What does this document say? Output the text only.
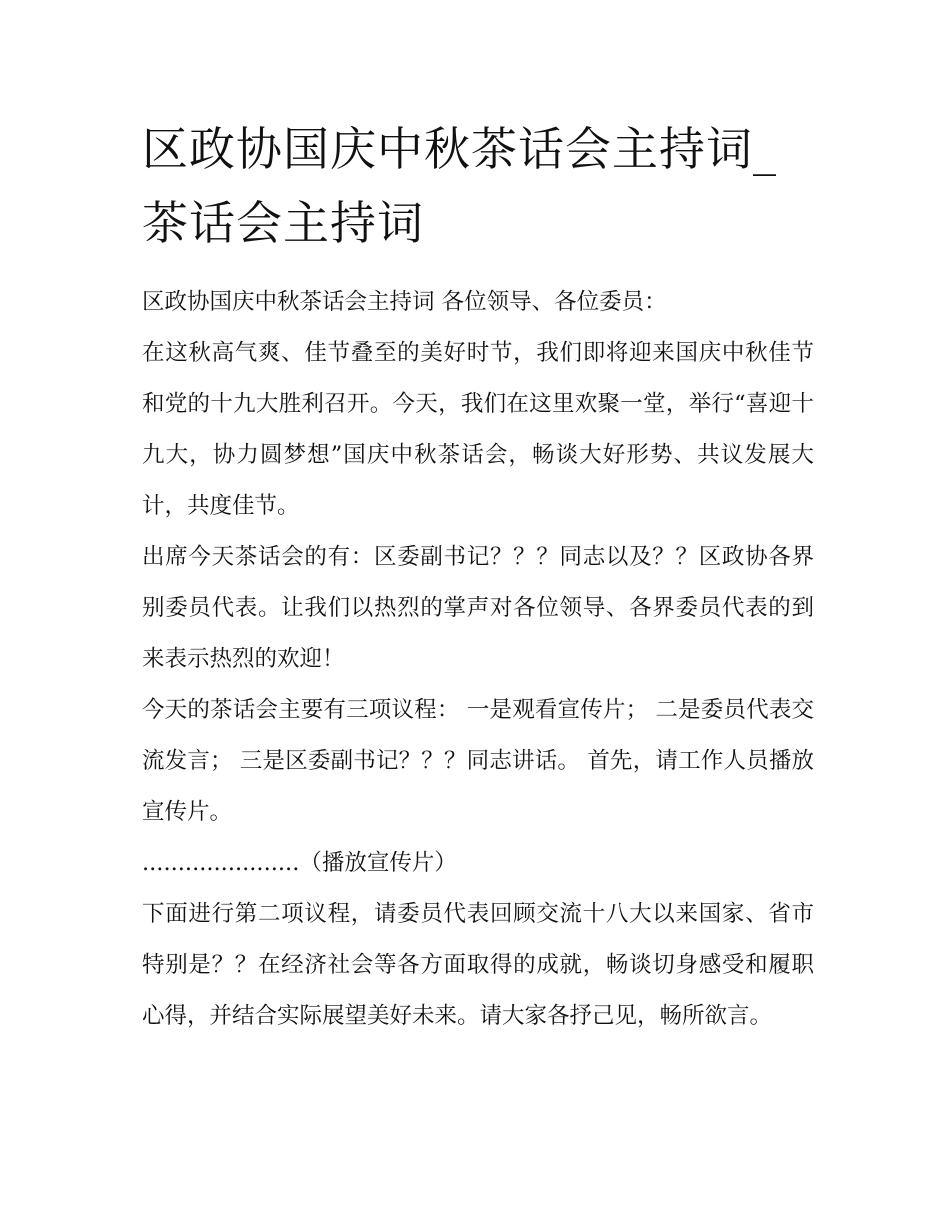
区政协国庆中秋茶话会主持词_茶话会主持词

区政协国庆中秋茶话会主持词 各位领导、各位委员：

在这秋高气爽、佳节叠至的美好时节，我们即将迎来国庆中秋佳节和党的十九大胜利召开。今天，我们在这里欢聚一堂，举行“喜迎十九大，协力圆梦想”国庆中秋茶话会，畅谈大好形势、共议发展大计，共度佳节。

出席今天茶话会的有：区委副书记？？？同志以及？？区政协各界别委员代表。让我们以热烈的掌声对各位领导、各界委员代表的到来表示热烈的欢迎！

今天的茶话会主要有三项议程： 一是观看宣传片； 二是委员代表交流发言； 三是区委副书记？？？同志讲话。 首先，请工作人员播放宣传片。

......................（播放宣传片）

下面进行第二项议程，请委员代表回顾交流十八大以来国家、省市特别是？？在经济社会等各方面取得的成就，畅谈切身感受和履职心得，并结合实际展望美好未来。请大家各抒己见，畅所欲言。
